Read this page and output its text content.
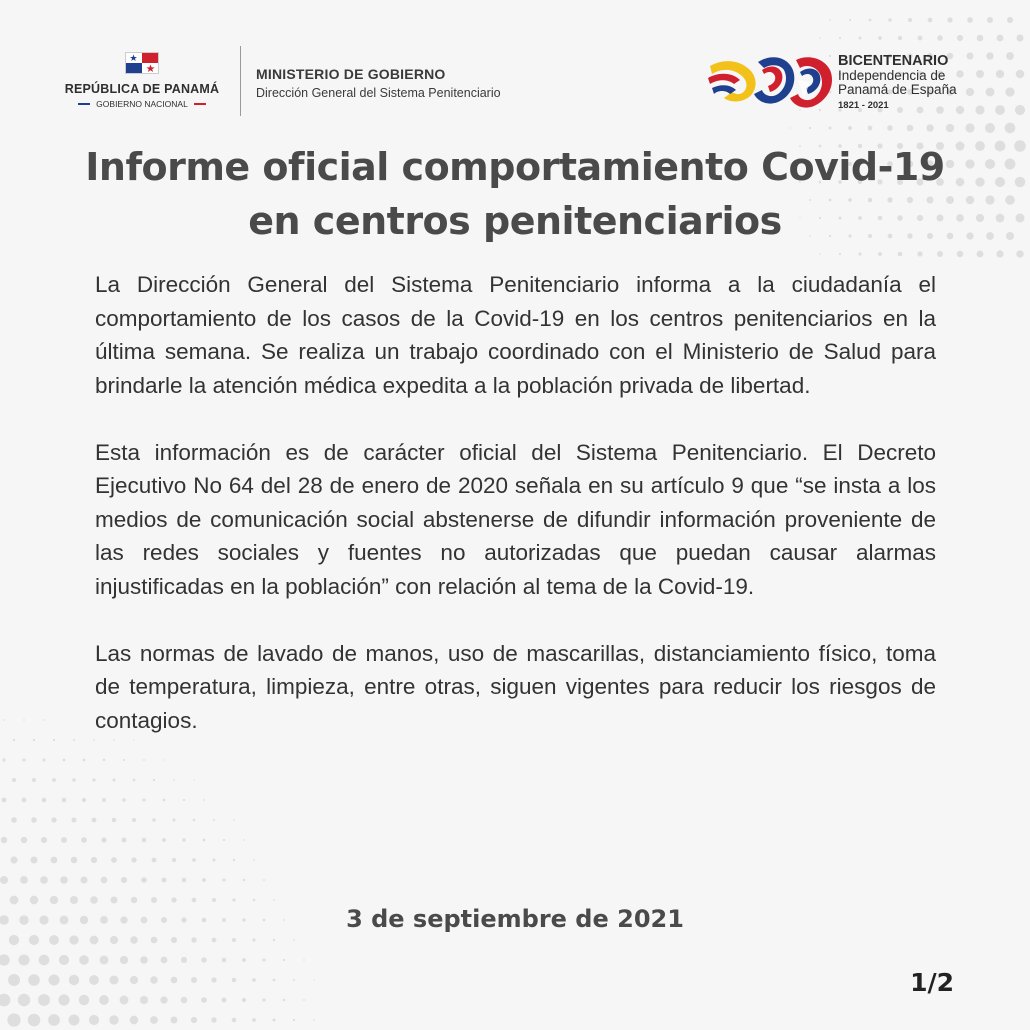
REPÚBLICA DE PANAMÁ
GOBIERNO NACIONAL
MINISTERIO DE GOBIERNO
Dirección General del Sistema Penitenciario
BICENTENARIO
Independencia de
Panamá de España
1821 - 2021
Informe oficial comportamiento Covid-19
en centros penitenciarios

La Dirección General del Sistema Penitenciario informa a la ciudadanía el comportamiento de los casos de la Covid-19 en los centros penitenciarios en la última semana. Se realiza un trabajo coordinado con el Ministerio de Salud para brindarle la atención médica expedita a la población privada de libertad.

Esta información es de carácter oficial del Sistema Penitenciario. El Decreto Ejecutivo No 64 del 28 de enero de 2020 señala en su artículo 9 que “se insta a los medios de comunicación social abstenerse de difundir información proveniente de las redes sociales y fuentes no autorizadas que puedan causar alarmas injustificadas en la población” con relación al tema de la Covid-19.

Las normas de lavado de manos, uso de mascarillas, distanciamiento físico, toma de temperatura, limpieza, entre otras, siguen vigentes para reducir los riesgos de contagios.

3 de septiembre de 2021
1/2
